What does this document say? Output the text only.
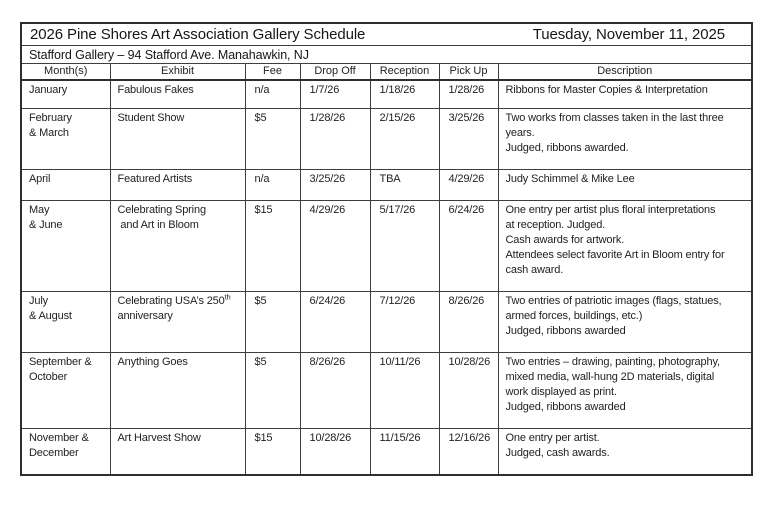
2026 Pine Shores Art Association Gallery Schedule	Tuesday, November 11, 2025
Stafford Gallery – 94 Stafford Ave. Manahawkin, NJ
Month(s)	Exhibit	Fee	Drop Off	Reception	Pick Up	Description
January	Fabulous Fakes	n/a	1/7/26	1/18/26	1/28/26	Ribbons for Master Copies & Interpretation
February
& March	Student Show	$5	1/28/26	2/15/26	3/25/26	Two works from classes taken in the last three
years.
Judged, ribbons awarded.
April	Featured Artists	n/a	3/25/26	TBA	4/29/26	Judy Schimmel & Mike Lee
May
& June	Celebrating Spring
and Art in Bloom	$15	4/29/26	5/17/26	6/24/26	One entry per artist plus floral interpretations
at reception. Judged.
Cash awards for artwork.
Attendees select favorite Art in Bloom entry for
cash award.
July
& August	Celebrating USA’s 250th
anniversary	$5	6/24/26	7/12/26	8/26/26	Two entries of patriotic images (flags, statues,
armed forces, buildings, etc.)
Judged, ribbons awarded
September &
October	Anything Goes	$5	8/26/26	10/11/26	10/28/26	Two entries – drawing, painting, photography,
mixed media, wall-hung 2D materials, digital
work displayed as print.
Judged, ribbons awarded
November &
December	Art Harvest Show	$15	10/28/26	11/15/26	12/16/26	One entry per artist.
Judged, cash awards.
